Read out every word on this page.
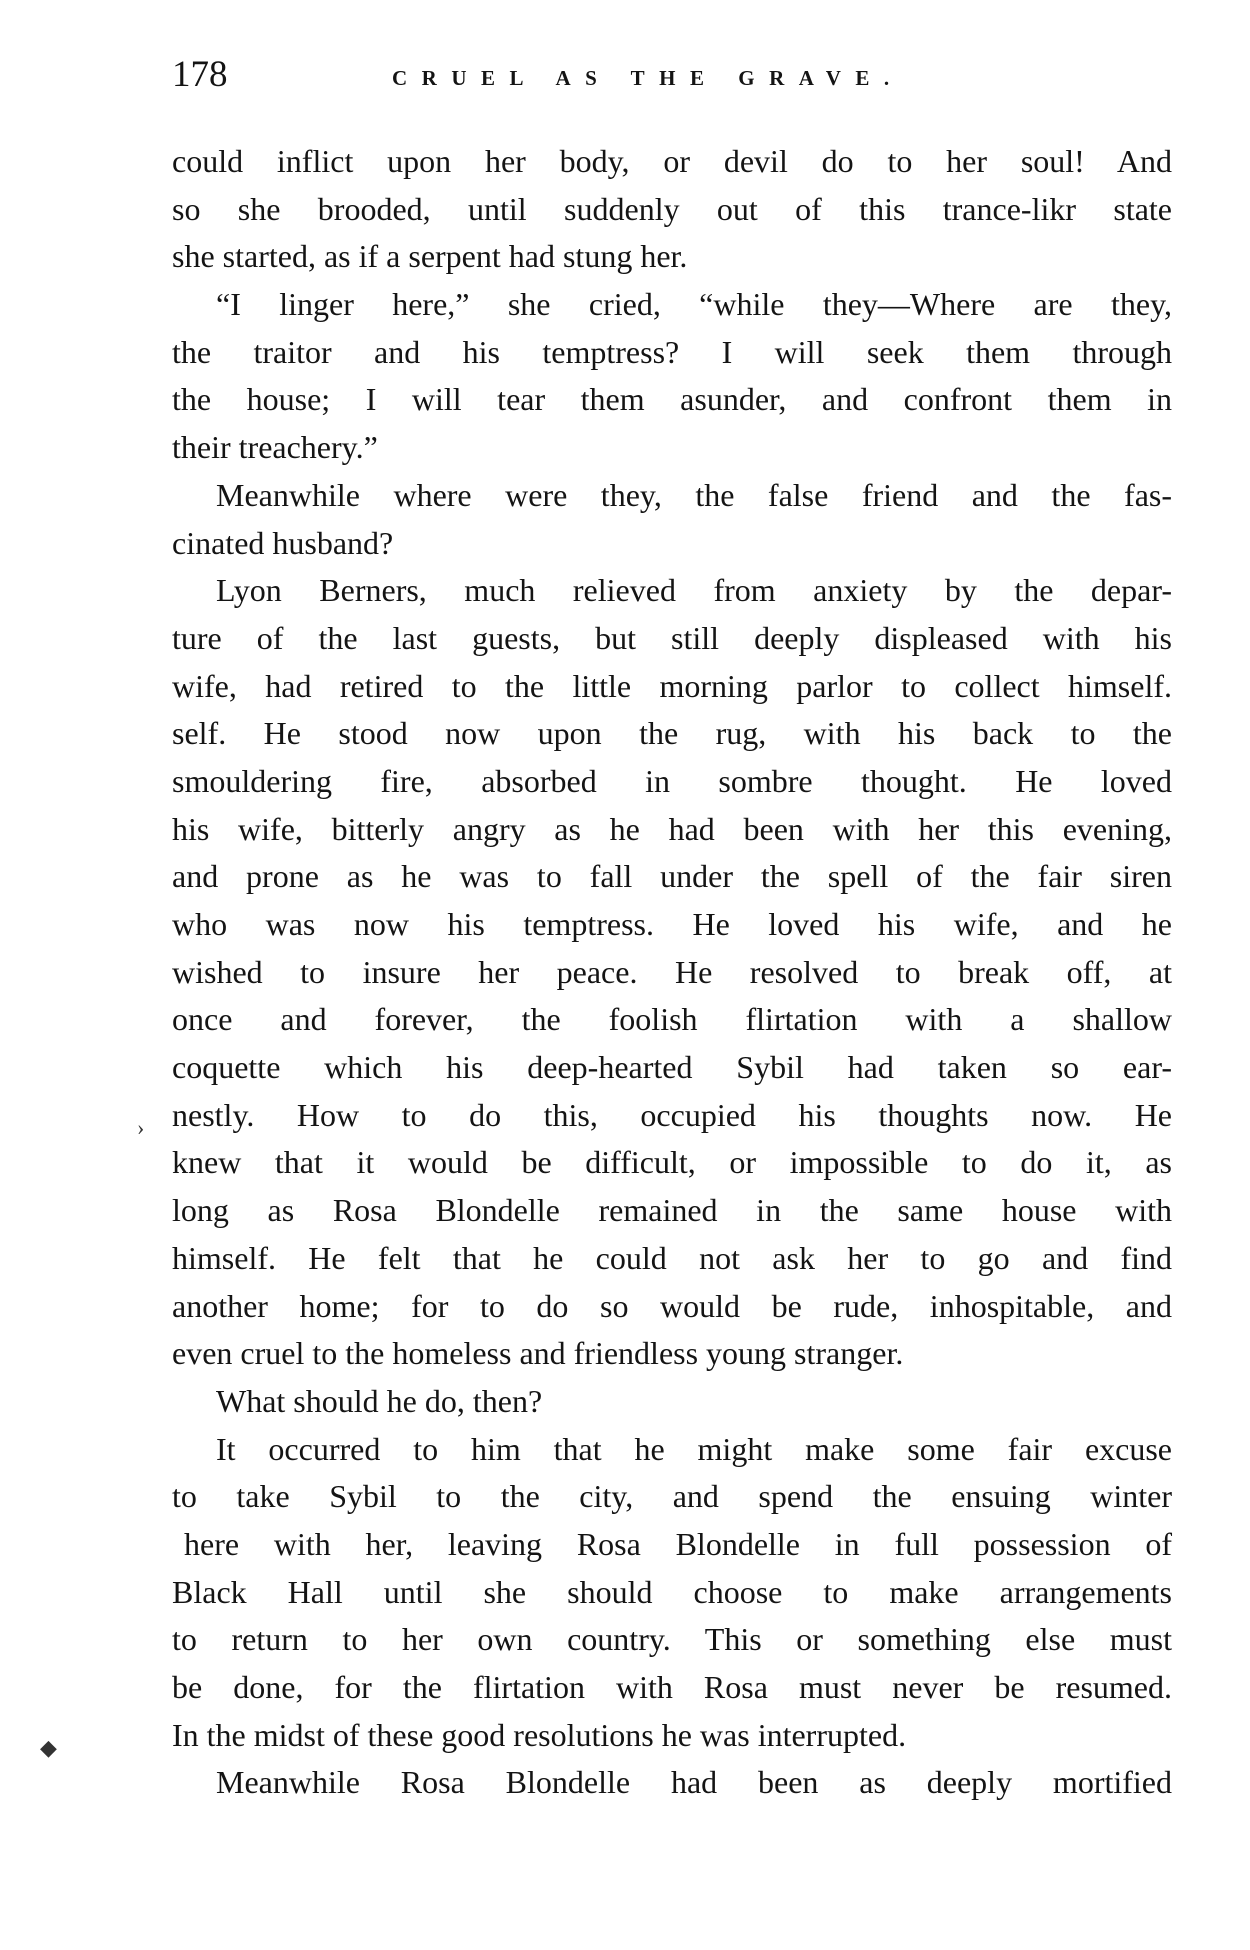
178	CRUEL AS THE GRAVE.
could inflict upon her body, or devil do to her soul! And
so she brooded, until suddenly out of this trance-likr state
she started, as if a serpent had stung her.
“I linger here,” she cried, “while they—Where are they,
the traitor and his temptress? I will seek them through
the house; I will tear them asunder, and confront them in
their treachery.”
Meanwhile where were they, the false friend and the fas-
cinated husband?
Lyon Berners, much relieved from anxiety by the depar-
ture of the last guests, but still deeply displeased with his
wife, had retired to the little morning parlor to collect himself.
self. He stood now upon the rug, with his back to the
smouldering fire, absorbed in sombre thought. He loved
his wife, bitterly angry as he had been with her this evening,
and prone as he was to fall under the spell of the fair siren
who was now his temptress. He loved his wife, and he
wished to insure her peace. He resolved to break off, at
once and forever, the foolish flirtation with a shallow
coquette which his deep-hearted Sybil had taken so ear-
nestly. How to do this, occupied his thoughts now. He
knew that it would be difficult, or impossible to do it, as
long as Rosa Blondelle remained in the same house with
himself. He felt that he could not ask her to go and find
another home; for to do so would be rude, inhospitable, and
even cruel to the homeless and friendless young stranger.
What should he do, then?
It occurred to him that he might make some fair excuse
to take Sybil to the city, and spend the ensuing winter
here with her, leaving Rosa Blondelle in full possession of
Black Hall until she should choose to make arrangements
to return to her own country. This or something else must
be done, for the flirtation with Rosa must never be resumed.
In the midst of these good resolutions he was interrupted.
Meanwhile Rosa Blondelle had been as deeply mortified
›
◆
